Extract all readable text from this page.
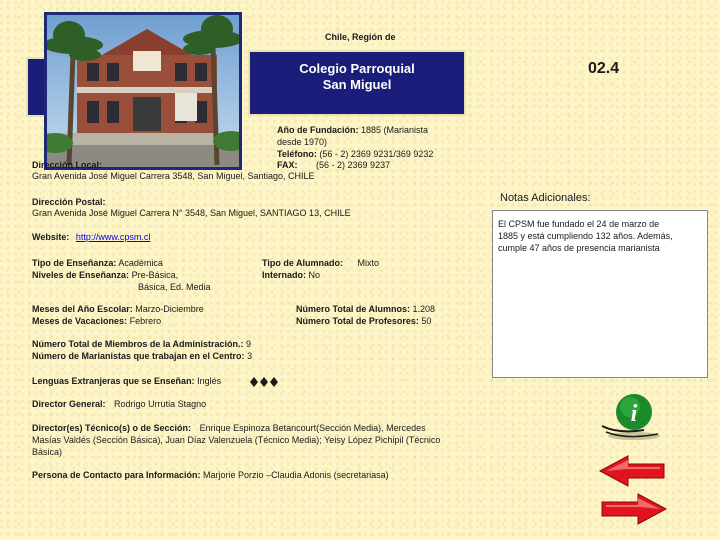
Colegio Parroquial
San Miguel
Chile, Región de
02.4
Año de Fundación: 1885 (Marianista
desde 1970)
Teléfono: (56 - 2) 2369 9231/369 9232
FAX: (56 - 2) 2369 9237
Dirección Local:
Gran Avenida José Miguel Carrera 3548, San Miguel, Santiago, CHILE
Dirección Postal:
Gran Avenida José Miguel Carrera N° 3548, San Miguel, SANTIAGO 13, CHILE
Website: http://www.cpsm.cl
Tipo de Enseñanza: Académica
Niveles de Enseñanza: Pre-Básica,
Básica, Ed. Media
Tipo de Alumnado: Mixto
Internado: No
Meses del Año Escolar: Marzo-Diciembre
Meses de Vacaciones: Febrero
Número Total de Alumnos: 1.208
Número Total de Profesores: 50
Número Total de Miembros de la Administración.: 9
Número de Marianistas que trabajan en el Centro: 3
Lenguas Extranjeras que se Enseñan: Inglés
Director General: Rodrigo Urrutia Stagno
Director(es) Técnico(s) o de Sección: Enrique Espinoza Betancourt(Sección Media), Mercedes
Masías Valdés (Sección Básica), Juan Díaz Valenzuela (Técnico Media); Yeisy López Pichipil (Técnico
Básica)
Persona de Contacto para Información: Marjorie Porzio –Claudia Adonis (secretariasa)
Notas Adicionales:
El CPSM fue fundado el 24 de marzo de
1885 y está cumpliendo 132 años. Además,
cumple 47 años de presencia marianista
i
